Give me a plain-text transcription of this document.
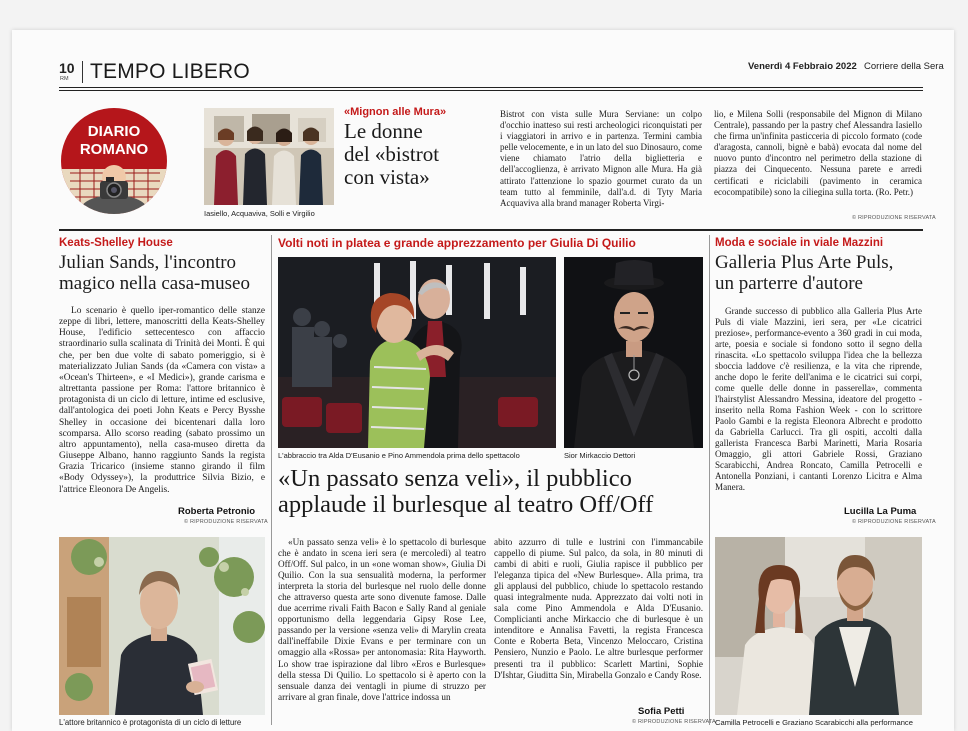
10
RM TEMPO LIBERO	Venerdì 4 Febbraio 2022 Corriere della Sera
DIARIO
ROMANO
Iasiello, Acquaviva, Solli e Virgilio
«Mignon alle Mura»
Le donne
del «bistrot
con vista»
Bistrot con vista sulle Mura Serviane: un colpo d'occhio inatteso sui resti archeologici riconquistati per i viaggiatori in arrivo e in partenza. Termini cambia pelle velocemente, e in un lato del suo Dinosauro, come viene chiamato l'atrio della biglietteria e dell'accoglienza, è arrivato Mignon alle Mura. Ha già attirato l'attenzione lo spazio gourmet curato da un team tutto al femminile, dall'a.d. di Tyty Maria Acquaviva alla brand manager Roberta Virgi-
lio, e Milena Solli (responsabile del Mignon di Milano Centrale), passando per la pastry chef Alessandra Iasiello che firma un'infinita pasticceria di piccolo formato (code d'aragosta, cannoli, bignè e babà) evocata dal nome del nuovo punto d'incontro nel perimetro della stazione di piazza dei Cinquecento. Nessuna parete e arredi certificati e riciclabili (pavimento in ceramica ecocompatibile) sono la ciliegina sulla torta. (Ro. Petr.)
© RIPRODUZIONE RISERVATA
Keats-Shelley House
Julian Sands, l'incontro
magico nella casa-museo
Lo scenario è quello iper-romantico delle stanze zeppe di libri, lettere, manoscritti della Keats-Shelley House, l'edificio settecentesco con affaccio straordinario sulla scalinata di Trinità dei Monti. È qui che, per ben due volte di sabato pomeriggio, si è materializzato Julian Sands (da «Camera con vista» a «Ocean's Thirteen», e «I Medici»), grande carisma e altrettanta passione per Roma: l'attore britannico è protagonista di un ciclo di letture, intime ed esclusive, dall'antologica dei poeti John Keats e Percy Bysshe Shelley in occasione dei bicentenari dalla loro scomparsa. Allo scorso reading (sabato prossimo un altro appuntamento), nella casa-museo diretta da Giuseppe Albano, hanno raggiunto Sands la regista Grazia Tricarico (insieme stanno girando il film «Body Odyssey»), la produttrice Silvia Bizio, e l'attrice Eleonora De Angelis.
Roberta Petronio
© RIPRODUZIONE RISERVATA
L'attore britannico è protagonista di un ciclo di letture
Volti noti in platea e grande apprezzamento per Giulia Di Quilio
L'abbraccio tra Alda D'Eusanio e Pino Ammendola prima dello spettacolo	Sior Mirkaccio Dettori
«Un passato senza veli», il pubblico
applaude il burlesque al teatro Off/Off
«Un passato senza veli» è lo spettacolo di burlesque che è andato in scena ieri sera (e mercoledì) al teatro Off/Off. Sul palco, in un «one woman show», Giulia Di Quilio. Con la sua sensualità moderna, la performer interpreta la storia del burlesque nel ruolo delle donne che attraverso questa arte sono divenute famose. Dalle due acerrime rivali Faith Bacon e Sally Rand al geniale opportunismo della leggendaria Gipsy Rose Lee, passando per la versione «senza veli» di Marylin creata dall'ineffabile Dixie Evans e per terminare con un omaggio alla «Rossa» per antonomasia: Rita Hayworth. Lo show trae ispirazione dal libro «Eros e Burlesque» della stessa Di Quilio. Lo spettacolo si è aperto con la sensuale danza dei ventagli in piume di struzzo per arrivare al gran finale, dove l'attrice indossa un
abito azzurro di tulle e lustrini con l'immancabile cappello di piume. Sul palco, da sola, in 80 minuti di cambi di abiti e ruoli, Giulia rapisce il pubblico per l'eleganza tipica del «New Burlesque». Alla prima, tra gli applausi del pubblico, chiude lo spettacolo restando quasi integralmente nuda. Apprezzato dai volti noti in sala come Pino Ammendola e Alda D'Eusanio. Complicianti anche Mirkaccio che di burlesque è un intenditore e Annalisa Favetti, la regista Francesca Conte e Roberta Beta, Vincenzo Meloccaro, Cristina Pensiero, Nunzio e Paolo. Le altre burlesque performer presenti tra il pubblico: Scarlett Martini, Sophie D'Ishtar, Giuditta Sin, Mirabella Gonzalo e Candy Rose.
Sofia Petti
© RIPRODUZIONE RISERVATA
Moda e sociale in viale Mazzini
Galleria Plus Arte Puls,
un parterre d'autore
Grande successo di pubblico alla Galleria Plus Arte Puls di viale Mazzini, ieri sera, per «Le cicatrici preziose», performance-evento a 360 gradi in cui moda, arte, poesia e sociale si fondono sotto il segno della rinascita. «Lo spettacolo sviluppa l'idea che la bellezza sboccia laddove c'è resilienza, e la vita che riprende, anche dopo le ferite dell'anima e le cicatrici sui corpi, come quelle delle donne in passerella», commenta l'hairstylist Alessandro Messina, ideatore del progetto - inserito nella Roma Fashion Week - con lo scrittore Paolo Gambi e la regista Eleonora Albrecht e prodotto da Gabriella Carlucci. Tra gli ospiti, accolti dalla gallerista Francesca Barbi Marinetti, Maria Rosaria Omaggio, gli attori Gabriele Rossi, Graziano Scarabicchi, Andrea Roncato, Camilla Petrocelli e Antonella Ponziani, i cantanti Lorenzo Licitra e Alma Manera.
Lucilla La Puma
© RIPRODUZIONE RISERVATA
Camilla Petrocelli e Graziano Scarabicchi alla performance
